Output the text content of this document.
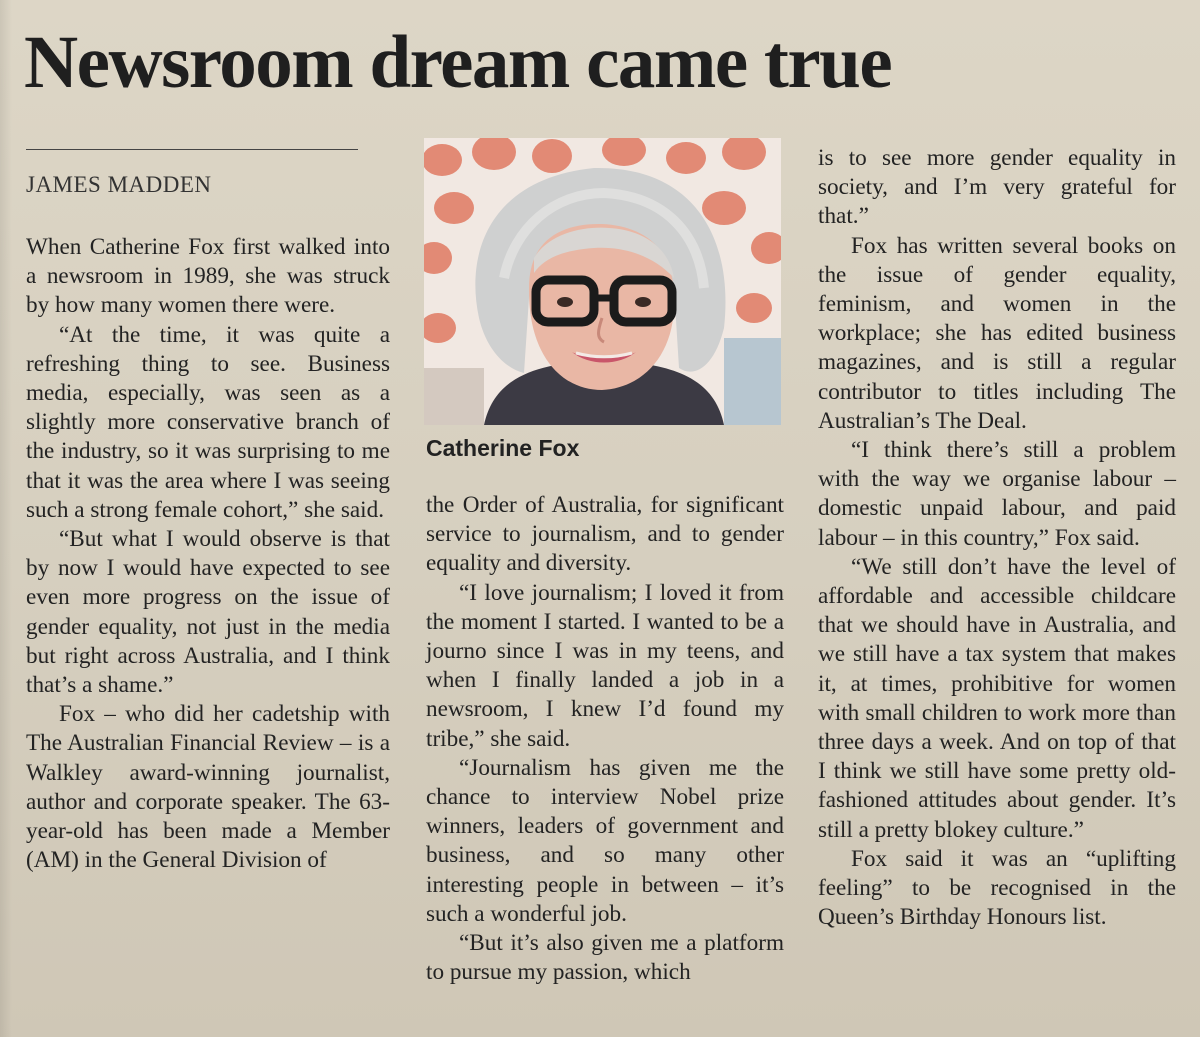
Newsroom dream came true

JAMES MADDEN

When Catherine Fox first walked into a newsroom in 1989, she was struck by how many women there were.

“At the time, it was quite a refreshing thing to see. Business media, especially, was seen as a slightly more conservative branch of the industry, so it was surprising to me that it was the area where I was seeing such a strong female cohort,” she said.

“But what I would observe is that by now I would have expected to see even more progress on the issue of gender equality, not just in the media but right across Australia, and I think that’s a shame.”

Fox – who did her cadetship with The Australian Financial Review – is a Walkley award-winning journalist, author and corporate speaker. The 63-year-old has been made a Member (AM) in the General Division of

Catherine Fox

the Order of Australia, for significant service to journalism, and to gender equality and diversity.

“I love journalism; I loved it from the moment I started. I wanted to be a journo since I was in my teens, and when I finally landed a job in a newsroom, I knew I’d found my tribe,” she said.

“Journalism has given me the chance to interview Nobel prize winners, leaders of government and business, and so many other interesting people in between – it’s such a wonderful job.

“But it’s also given me a platform to pursue my passion, which

is to see more gender equality in society, and I’m very grateful for that.”

Fox has written several books on the issue of gender equality, feminism, and women in the workplace; she has edited business magazines, and is still a regular contributor to titles including The Australian’s The Deal.

“I think there’s still a problem with the way we organise labour – domestic unpaid labour, and paid labour – in this country,” Fox said.

“We still don’t have the level of affordable and accessible childcare that we should have in Australia, and we still have a tax system that makes it, at times, prohibitive for women with small children to work more than three days a week. And on top of that I think we still have some pretty old-fashioned attitudes about gender. It’s still a pretty blokey culture.”

Fox said it was an “uplifting feeling” to be recognised in the Queen’s Birthday Honours list.
